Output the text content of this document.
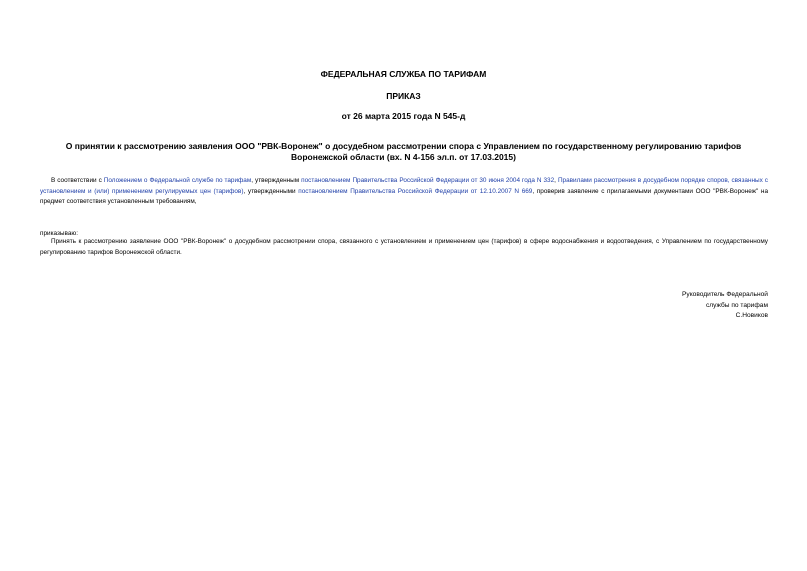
ФЕДЕРАЛЬНАЯ СЛУЖБА ПО ТАРИФАМ
ПРИКАЗ
от 26 марта 2015 года N 545-д
О принятии к рассмотрению заявления ООО "РВК-Воронеж" о досудебном рассмотрении спора с Управлением по государственному регулированию тарифов
Воронежской области (вх. N 4-156 эл.п. от 17.03.2015)
В соответствии с Положением о Федеральной службе по тарифам, утвержденным постановлением Правительства Российской Федерации от 30 июня 2004 года N 332, Правилами рассмотрения в досудебном порядке споров, связанных с установлением и (или) применением регулируемых цен (тарифов), утвержденными постановлением Правительства Российской Федерации от 12.10.2007 N 669, проверив заявление с прилагаемыми документами ООО "РВК-Воронеж" на предмет соответствия установленным требованиям,
приказываю:
Принять к рассмотрению заявление ООО "РВК-Воронеж" о досудебном рассмотрении спора, связанного с установлением и применением цен (тарифов) в сфере водоснабжения и водоотведения, с Управлением по государственному регулированию тарифов Воронежской области.
Руководитель Федеральной
службы по тарифам
С.Новиков
